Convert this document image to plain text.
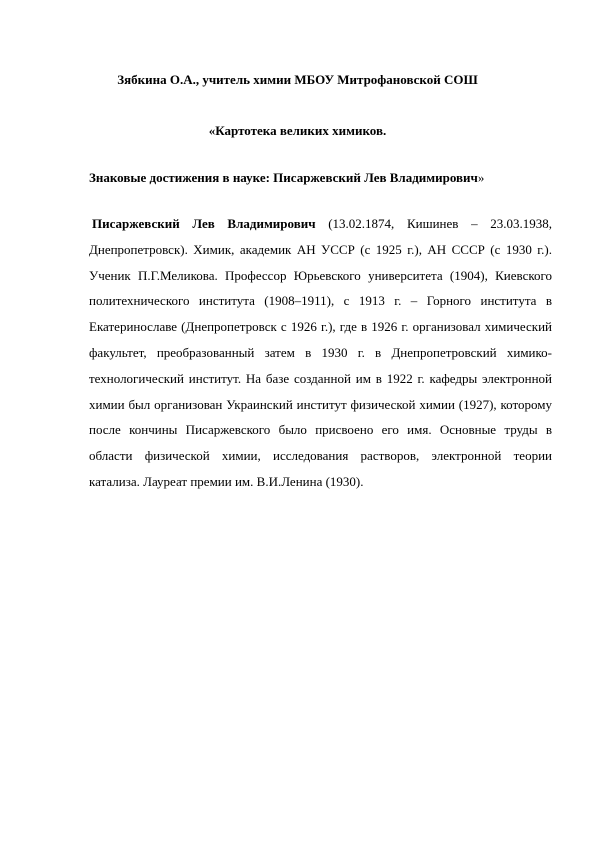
Зябкина О.А., учитель химии МБОУ Митрофановской СОШ
«Картотека великих химиков.
Знаковые достижения в науке: Писаржевский Лев Владимирович»
Писаржевский Лев Владимирович (13.02.1874, Кишинев – 23.03.1938, Днепропетровск). Химик, академик АН УССР (с 1925 г.), АН СССР (с 1930 г.). Ученик П.Г.Меликова. Профессор Юрьевского университета (1904), Киевского политехнического института (1908–1911), с 1913 г. – Горного института в Екатеринославе (Днепропетровск с 1926 г.), где в 1926 г. организовал химический факультет, преобразованный затем в 1930 г. в Днепропетровский химико-технологический институт. На базе созданной им в 1922 г. кафедры электронной химии был организован Украинский институт физической химии (1927), которому после кончины Писаржевского было присвоено его имя. Основные труды в области физической химии, исследования растворов, электронной теории катализа. Лауреат премии им. В.И.Ленина (1930).
